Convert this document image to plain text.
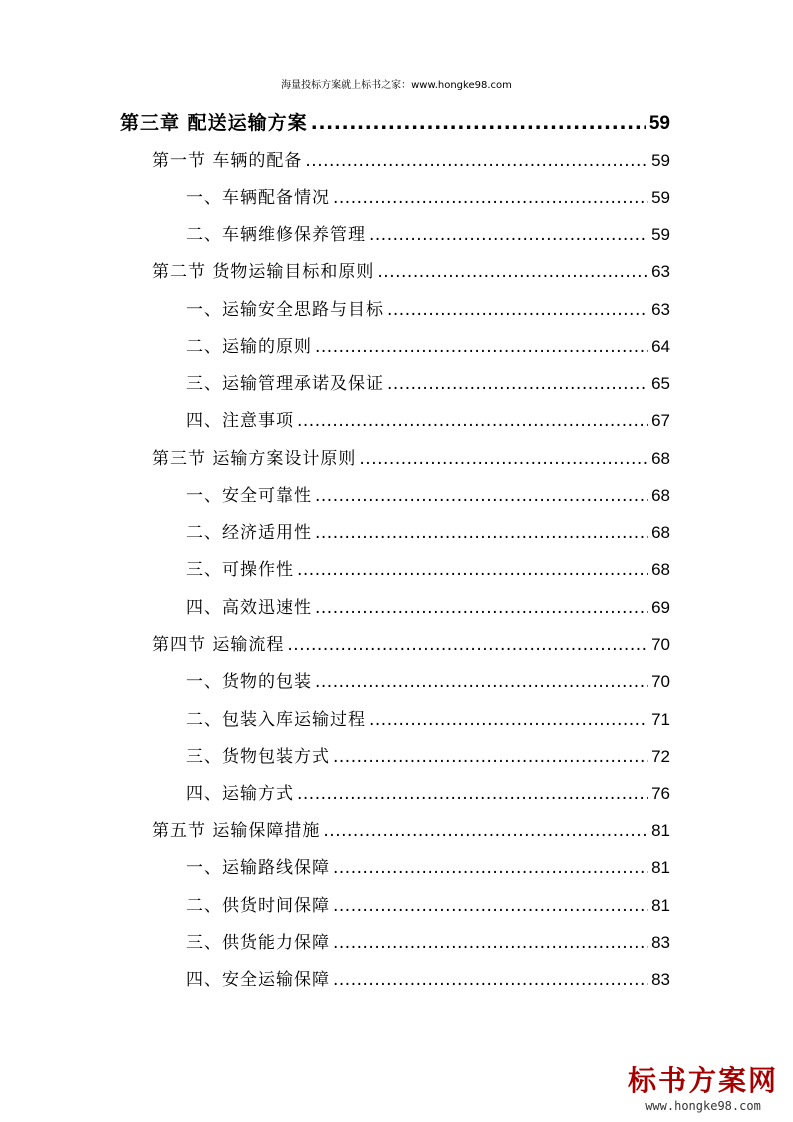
海量投标方案就上标书之家：www.hongke98.com
第三章 配送运输方案 .....	59
第一节 车辆的配备 .....	59
一、车辆配备情况 .....	59
二、车辆维修保养管理 .....	59
第二节 货物运输目标和原则 .....	63
一、运输安全思路与目标 .....	63
二、运输的原则 .....	64
三、运输管理承诺及保证 .....	65
四、注意事项 .....	67
第三节 运输方案设计原则 .....	68
一、安全可靠性 .....	68
二、经济适用性 .....	68
三、可操作性 .....	68
四、高效迅速性 .....	69
第四节 运输流程 .....	70
一、货物的包装 .....	70
二、包装入库运输过程 .....	71
三、货物包装方式 .....	72
四、运输方式 .....	76
第五节 运输保障措施 .....	81
一、运输路线保障 .....	81
二、供货时间保障 .....	81
三、供货能力保障 .....	83
四、安全运输保障 .....	83
标书方案网
www.hongke98.com
